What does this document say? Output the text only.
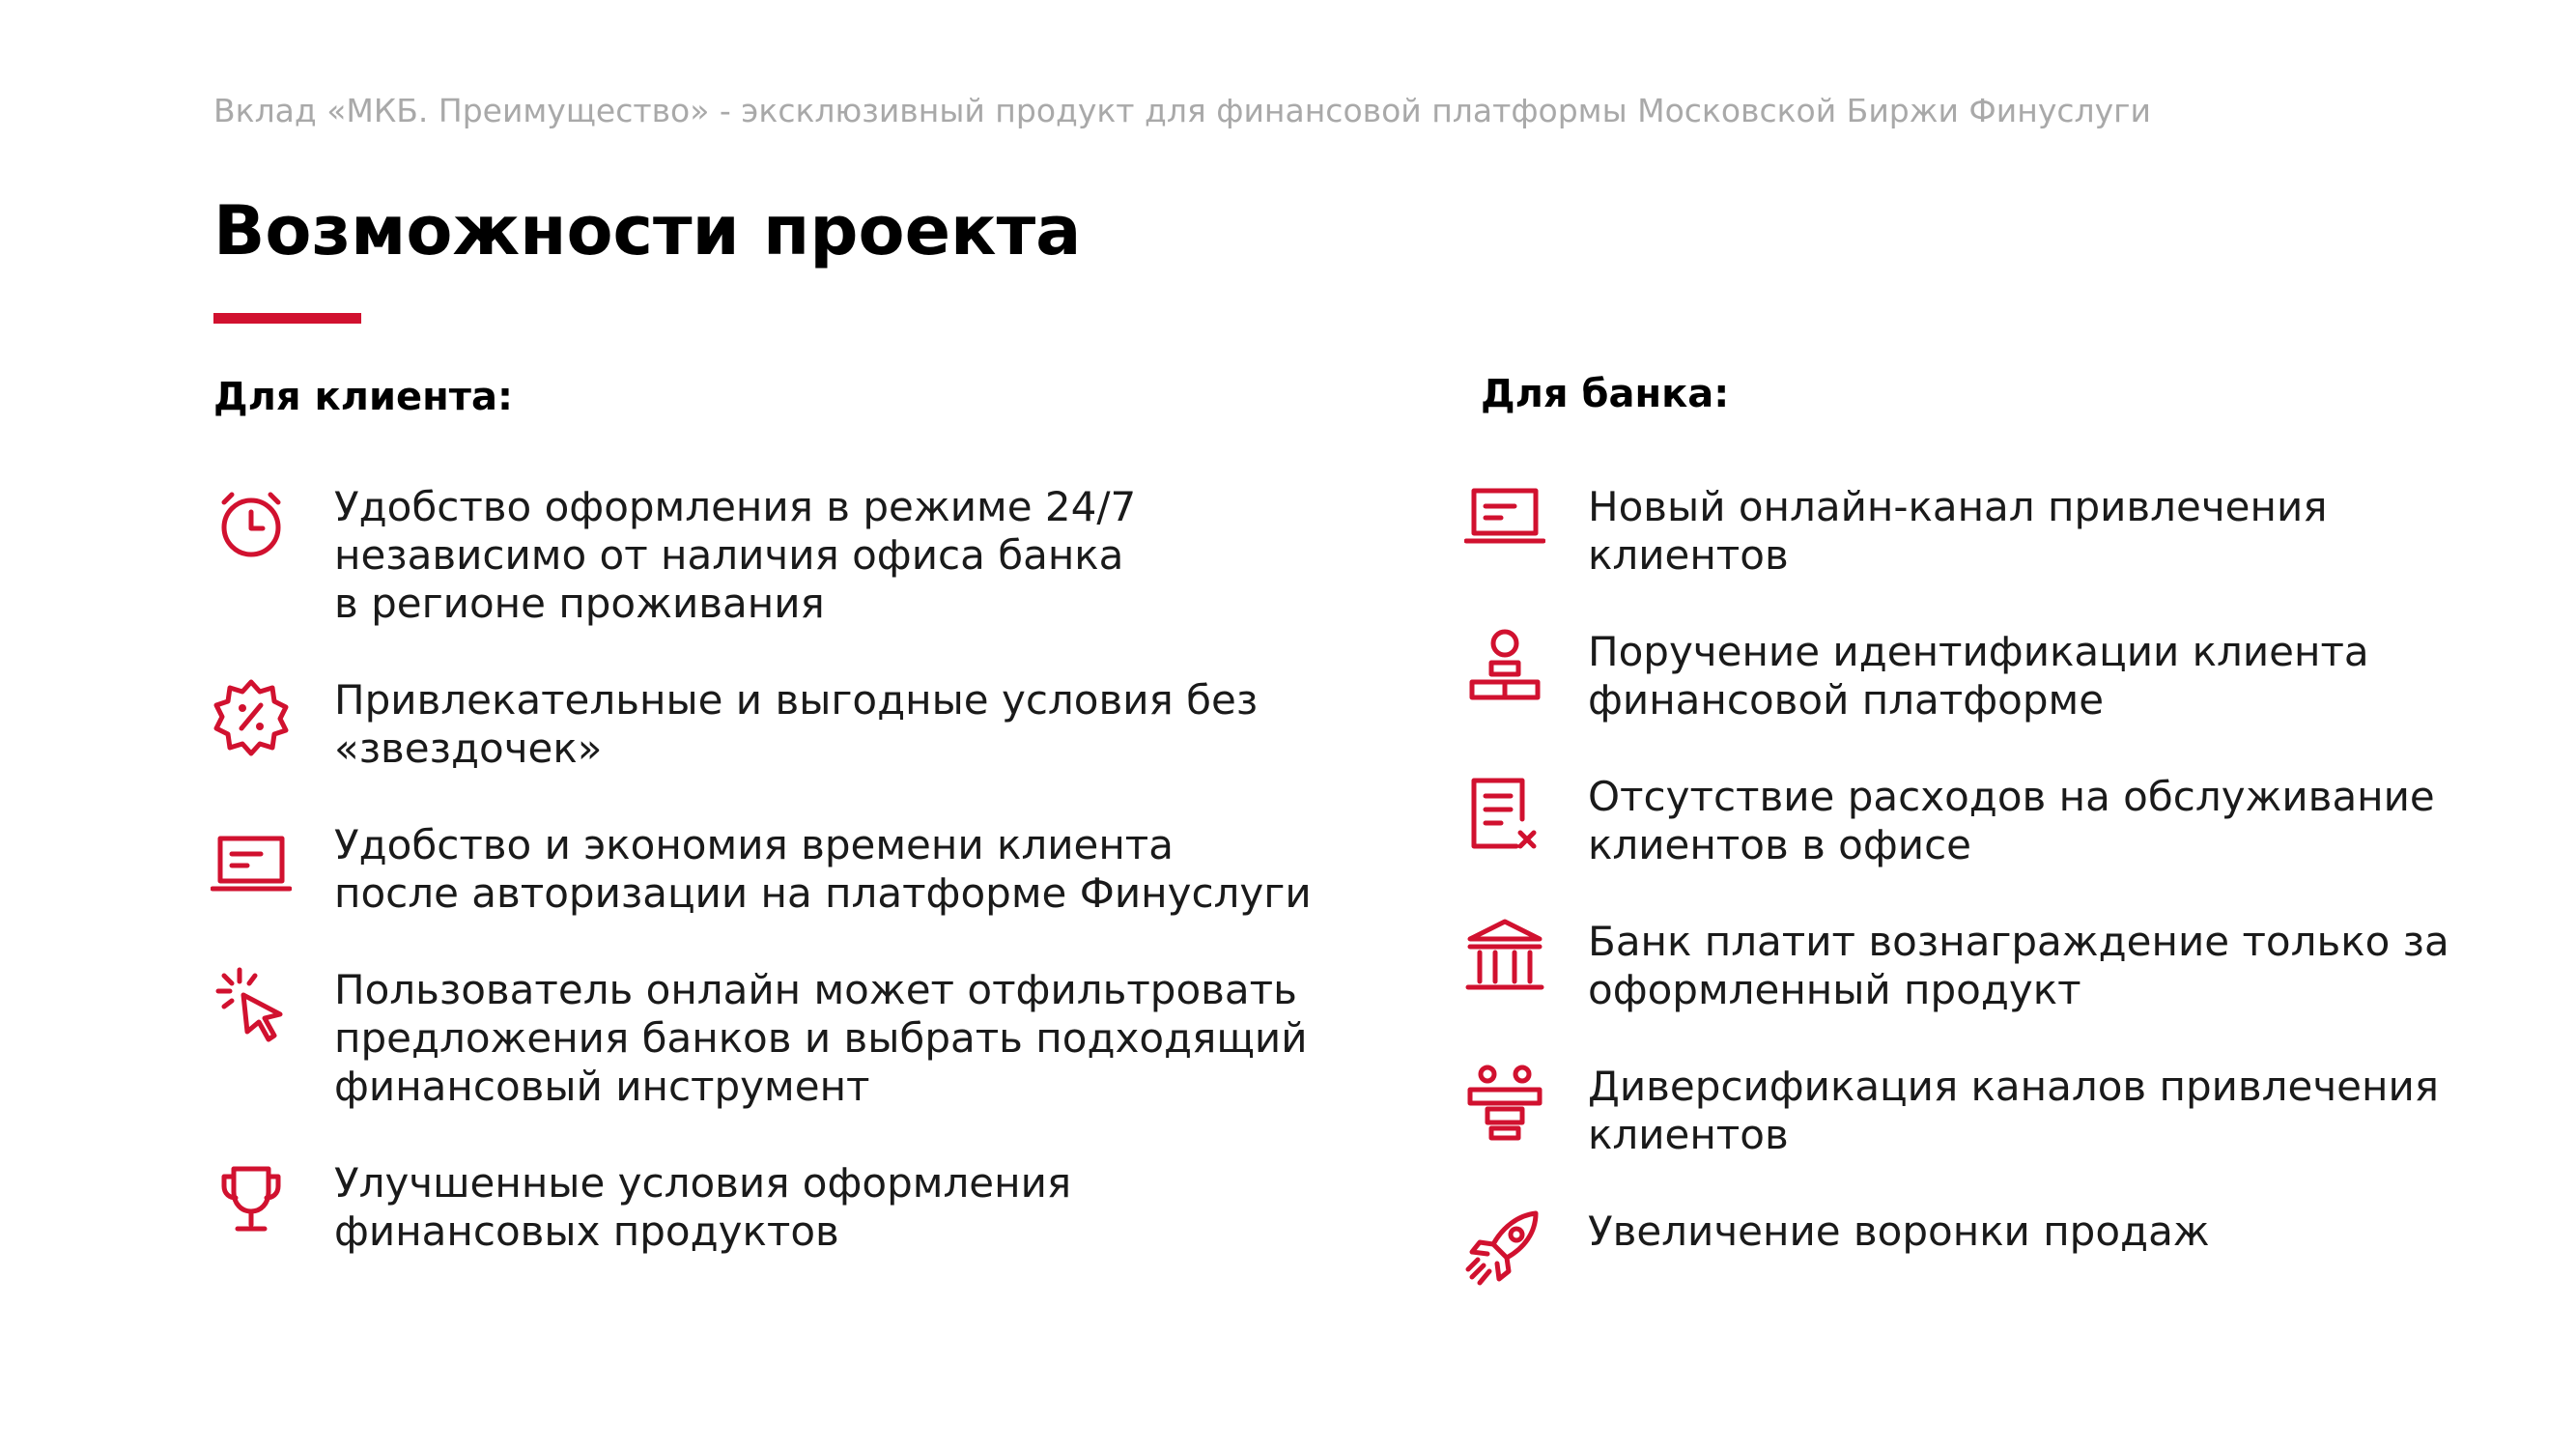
Вклад «МКБ. Преимущество» - эксклюзивный продукт для финансовой платформы Московской Биржи Финуслуги
Возможности проекта
Для клиента:
Удобство оформления в режиме 24/7
независимо от наличия офиса банка
в регионе проживания
Привлекательные и выгодные условия без
«звездочек»
Удобство и экономия времени клиента
после авторизации на платформе Финуслуги
Пользователь онлайн может отфильтровать
предложения банков и выбрать подходящий
финансовый инструмент
Улучшенные условия оформления
финансовых продуктов
Для банка:
Новый онлайн-канал привлечения
клиентов
Поручение идентификации клиента
финансовой платформе
Отсутствие расходов на обслуживание
клиентов в офисе
Банк платит вознаграждение только за
оформленный продукт
Диверсификация каналов привлечения
клиентов
Увеличение воронки продаж
